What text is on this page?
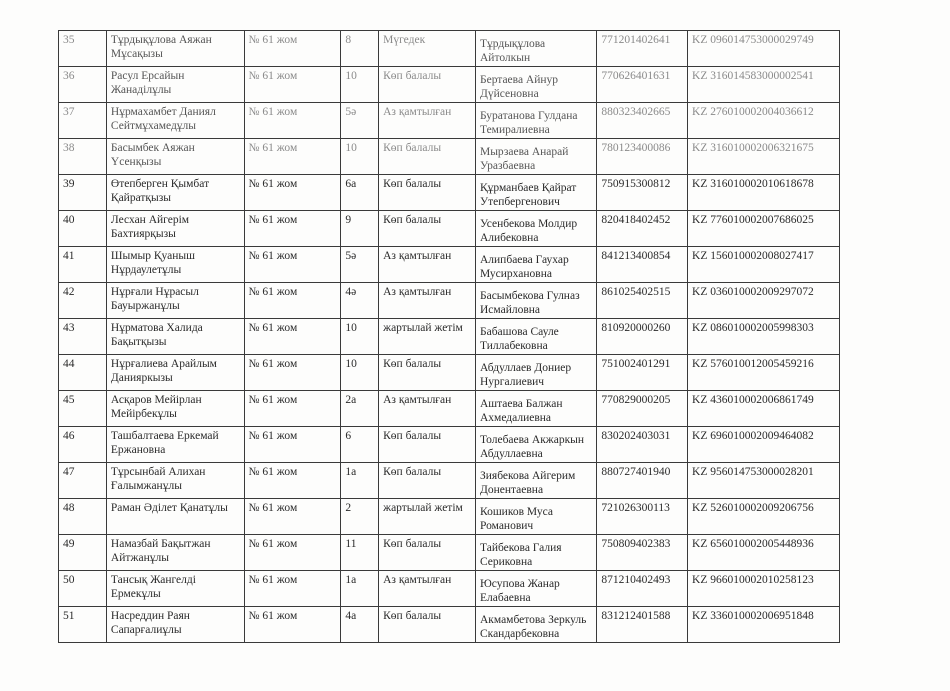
35	Тұрдықұлова Аяжан Мұсақызы	№ 61 жом	8	Мүгедек	Тұрдықұлова Айтолкын	771201402641	KZ 096014753000029749
36	Расул Ерсайын Жанаділұлы	№ 61 жом	10	Көп балалы	Бертаева Айнур Дүйсеновна	770626401631	KZ 316014583000002541
37	Нұрмахамбет Даниял Сейтмұхамедұлы	№ 61 жом	5ә	Аз қамтылған	Буратанова Гулдана Темиралиевна	880323402665	KZ 276010002004036612
38	Басымбек Аяжан Үсенқызы	№ 61 жом	10	Көп балалы	Мырзаева Анарай Уразбаевна	780123400086	KZ 316010002006321675
39	Өтепберген Қымбат Қайратқызы	№ 61 жом	6а	Көп балалы	Құрманбаев Қайрат Утепбергенович	750915300812	KZ 316010002010618678
40	Лесхан Айгерім Бахтиярқызы	№ 61 жом	9	Көп балалы	Усенбекова Молдир Алибековна	820418402452	KZ 776010002007686025
41	Шымыр Қуаныш Нұрдаулетұлы	№ 61 жом	5ә	Аз қамтылған	Алипбаева Гаухар Мусирхановна	841213400854	KZ 156010002008027417
42	Нұрғали Нұрасыл Бауыржанұлы	№ 61 жом	4ә	Аз қамтылған	Басымбекова Гулназ Исмайловна	861025402515	KZ 036010002009297072
43	Нұрматова Халида Бақытқызы	№ 61 жом	10	жартылай жетім	Бабашова Сауле Тиллабековна	810920000260	KZ 086010002005998303
44	Нұрғалиева Арайлым Данияркызы	№ 61 жом	10	Көп балалы	Абдуллаев Дониер Нургалиевич	751002401291	KZ 576010012005459216
45	Асқаров Мейірлан Мейірбекұлы	№ 61 жом	2а	Аз қамтылған	Аштаева Балжан Ахмедалиевна	770829000205	KZ 436010002006861749
46	Ташбалтаева Еркемай Ержановна	№ 61 жом	6	Көп балалы	Толебаева Акжаркын Абдуллаевна	830202403031	KZ 696010002009464082
47	Тұрсынбай Алихан Ғалымжанұлы	№ 61 жом	1а	Көп балалы	Зиябекова Айгерим Донентаевна	880727401940	KZ 956014753000028201
48	Раман Әділет Қанатұлы	№ 61 жом	2	жартылай жетім	Кошиков Муса Романович	721026300113	KZ 526010002009206756
49	Намазбай Бақытжан Айтжанұлы	№ 61 жом	11	Көп балалы	Тайбекова Галия Сериковна	750809402383	KZ 656010002005448936
50	Тансық Жангелді Ермекұлы	№ 61 жом	1а	Аз қамтылған	Юсупова Жанар Елабаевна	871210402493	KZ 966010002010258123
51	Насреддин Раян Сапарғалиұлы	№ 61 жом	4а	Көп балалы	Акмамбетова Зеркуль Скандарбековна	831212401588	KZ 336010002006951848
